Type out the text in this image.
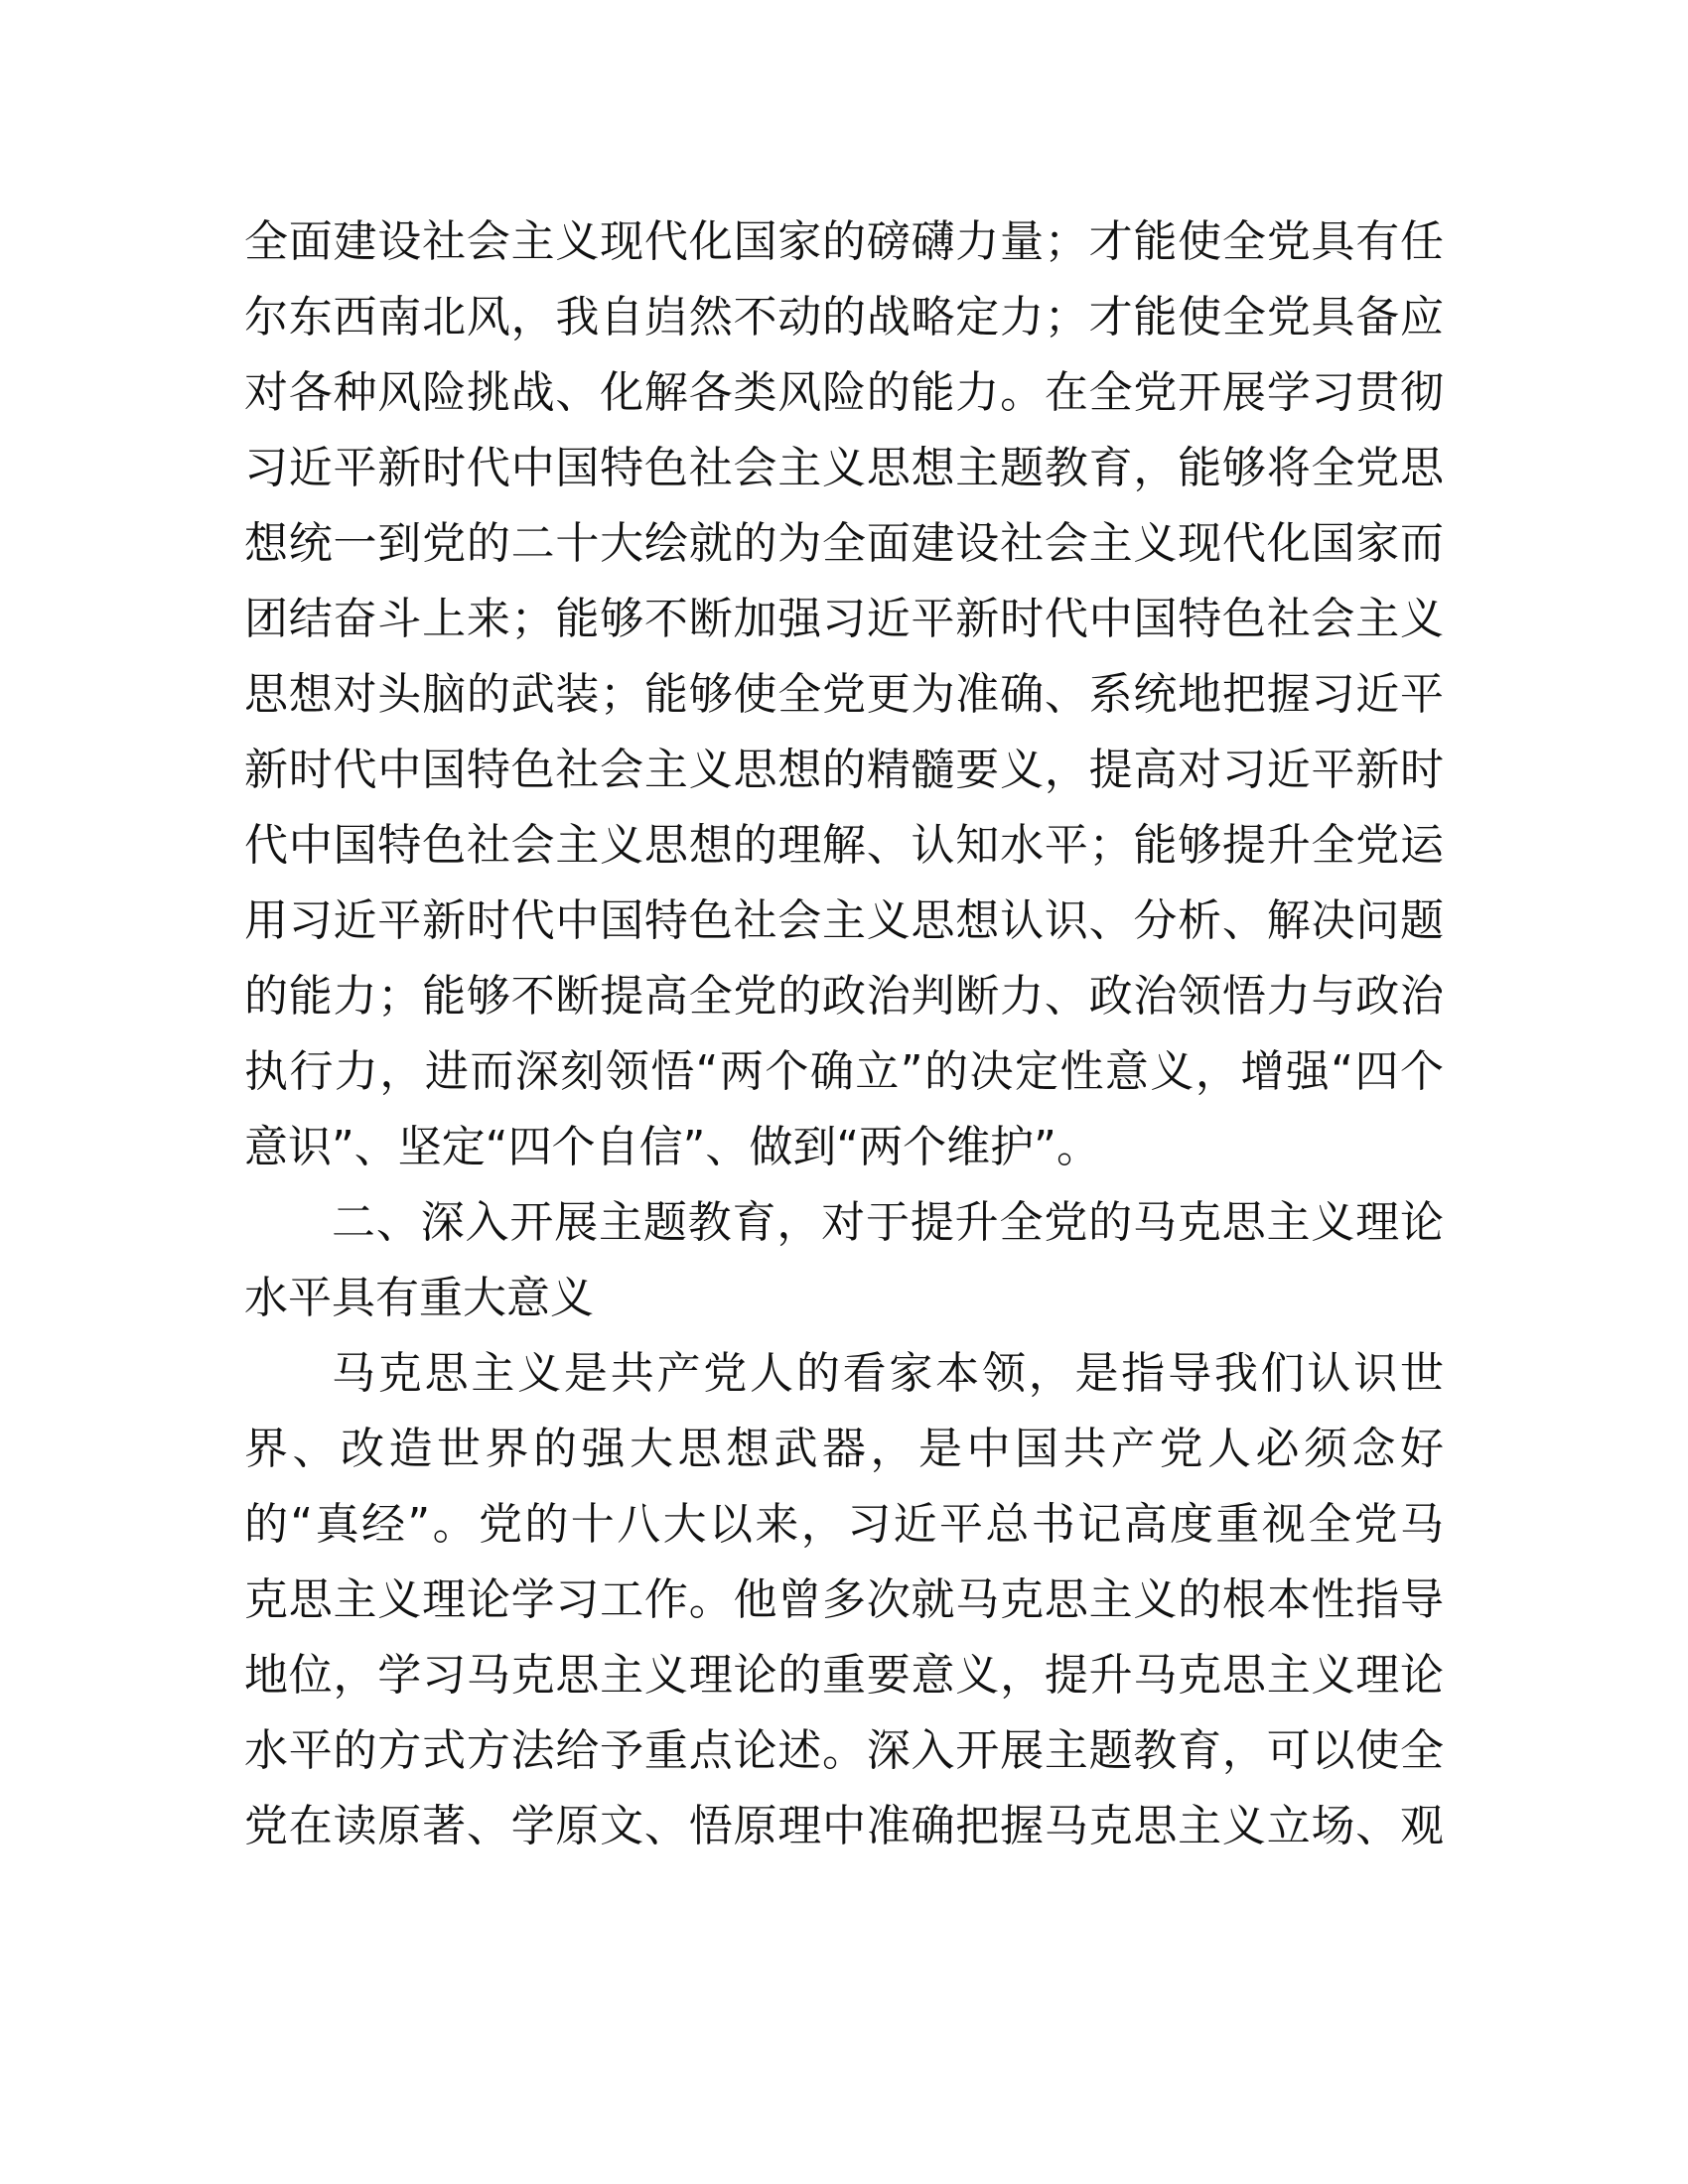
全面建设社会主义现代化国家的磅礴力量；才能使全党具有任
尔东西南北风，我自岿然不动的战略定力；才能使全党具备应
对各种风险挑战、化解各类风险的能力。在全党开展学习贯彻
习近平新时代中国特色社会主义思想主题教育，能够将全党思
想统一到党的二十大绘就的为全面建设社会主义现代化国家而
团结奋斗上来；能够不断加强习近平新时代中国特色社会主义
思想对头脑的武装；能够使全党更为准确、系统地把握习近平
新时代中国特色社会主义思想的精髓要义，提高对习近平新时
代中国特色社会主义思想的理解、认知水平；能够提升全党运
用习近平新时代中国特色社会主义思想认识、分析、解决问题
的能力；能够不断提高全党的政治判断力、政治领悟力与政治
执行力，进而深刻领悟“两个确立”的决定性意义，增强“四个
意识”、坚定“四个自信”、做到“两个维护”。
二、深入开展主题教育，对于提升全党的马克思主义理论
水平具有重大意义
马克思主义是共产党人的看家本领，是指导我们认识世
界、改造世界的强大思想武器，是中国共产党人必须念好
的“真经”。党的十八大以来，习近平总书记高度重视全党马
克思主义理论学习工作。他曾多次就马克思主义的根本性指导
地位，学习马克思主义理论的重要意义，提升马克思主义理论
水平的方式方法给予重点论述。深入开展主题教育，可以使全
党在读原著、学原文、悟原理中准确把握马克思主义立场、观
